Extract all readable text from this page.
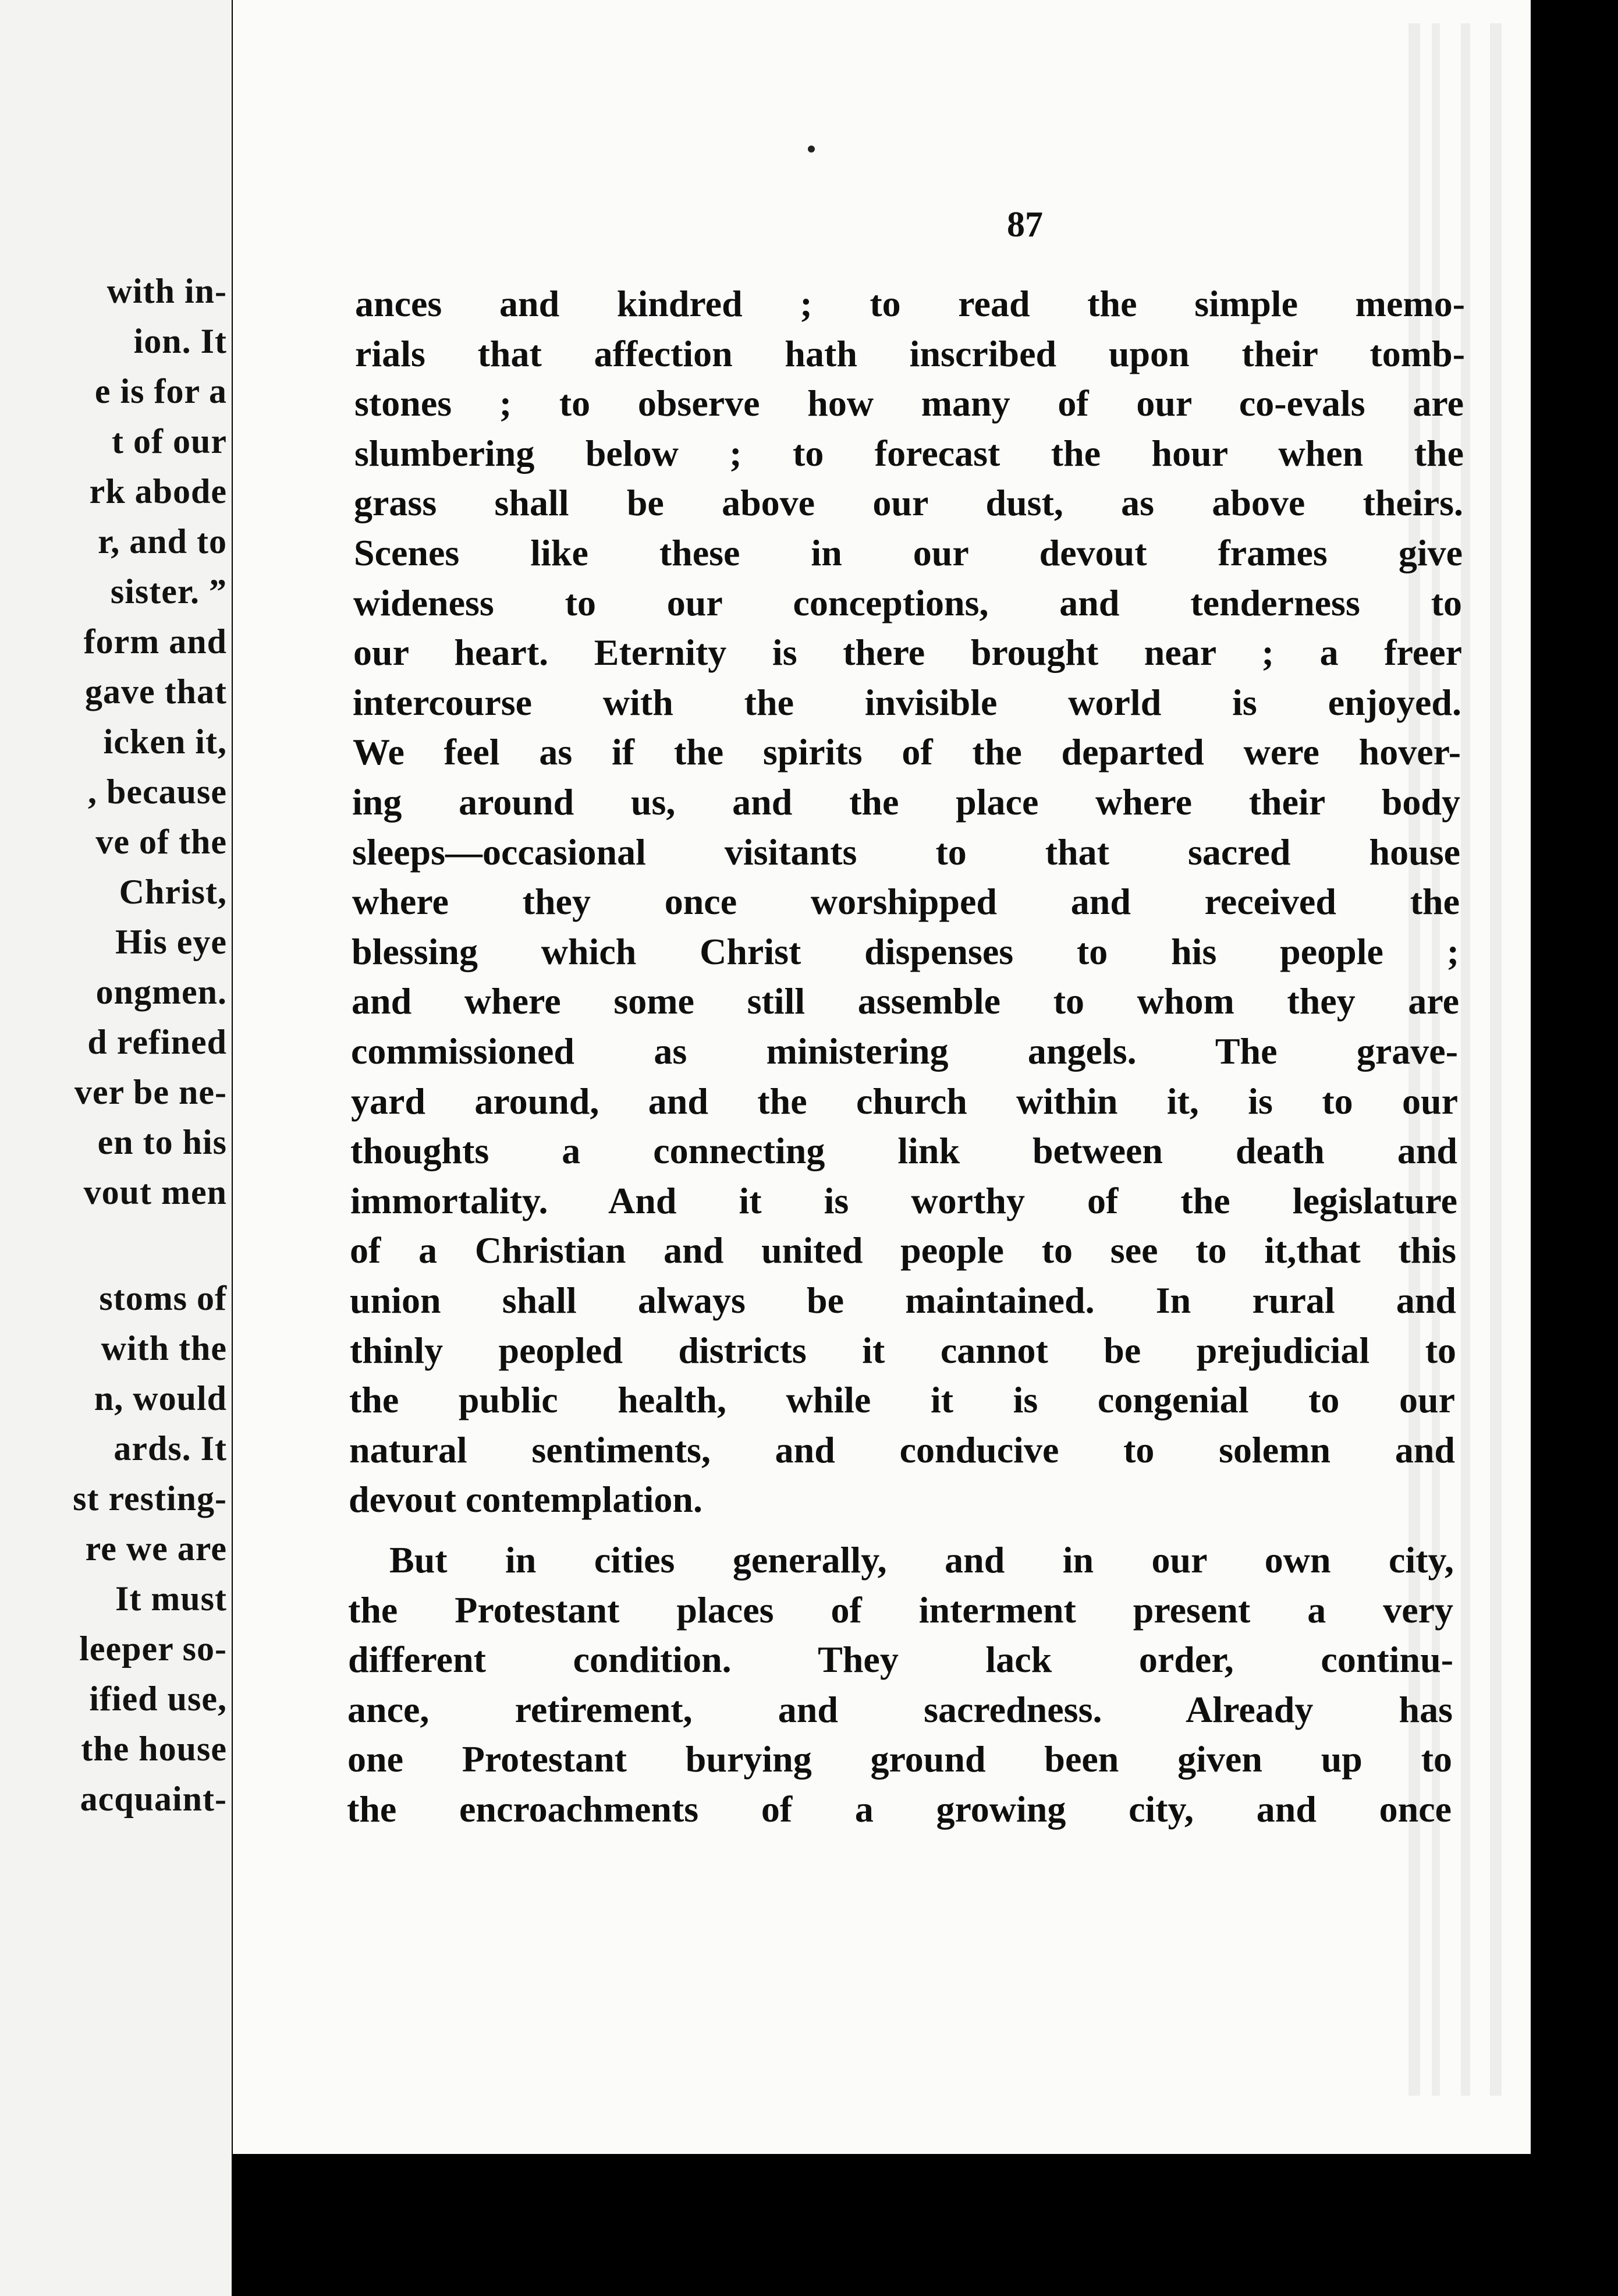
with in-
ion. It
e is for a
t of our
rk abode
r, and to
sister. ”
form and
gave that
icken it,
, because
ve of the
Christ,
His eye
ongmen.
d refined
ver be ne-
en to his
vout men
stoms of
with the
n, would
ards. It
st resting-
re we are
It must
leeper so-
ified use,
the house
acquaint-
87
ances and kindred ; to read the simple memo-
rials that affection hath inscribed upon their tomb-
stones ; to observe how many of our co-evals are
slumbering below ; to forecast the hour when the
grass shall be above our dust, as above theirs.
Scenes like these in our devout frames give
wideness to our conceptions, and tenderness to
our heart. Eternity is there brought near ; a freer
intercourse with the invisible world is enjoyed.
We feel as if the spirits of the departed were hover-
ing around us, and the place where their body
sleeps—occasional visitants to that sacred house
where they once worshipped and received the
blessing which Christ dispenses to his people ;
and where some still assemble to whom they are
commissioned as ministering angels. The grave-
yard around, and the church within it, is to our
thoughts a connecting link between death and
immortality. And it is worthy of the legislature
of a Christian and united people to see to it,that this
union shall always be maintained. In rural and
thinly peopled districts it cannot be prejudicial to
the public health, while it is congenial to our
natural sentiments, and conducive to solemn and
devout contemplation.
But in cities generally, and in our own city,
the Protestant places of interment present a very
different condition. They lack order, continu-
ance, retirement, and sacredness. Already has
one Protestant burying ground been given up to
the encroachments of a growing city, and once
